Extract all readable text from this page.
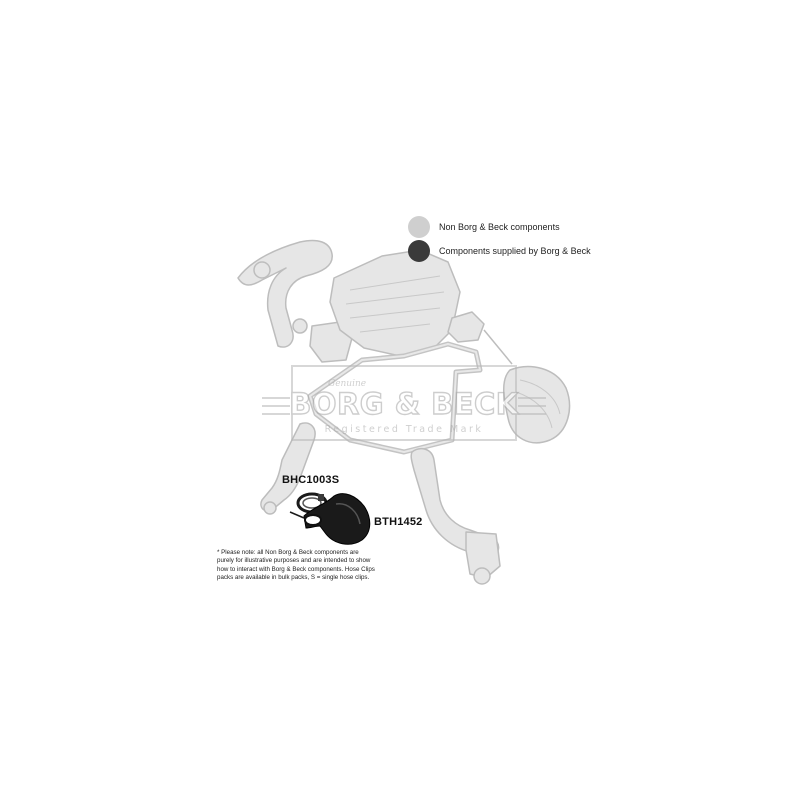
Genuine
BORG & BECK
Registered Trade Mark
Non Borg & Beck components
Components supplied by Borg & Beck
BHC1003S
BTH1452
* Please note: all Non Borg & Beck components are purely for illustrative purposes and are intended to show how to interact with Borg & Beck components. Hose Clips packs are available in bulk packs, S = single hose clips.
